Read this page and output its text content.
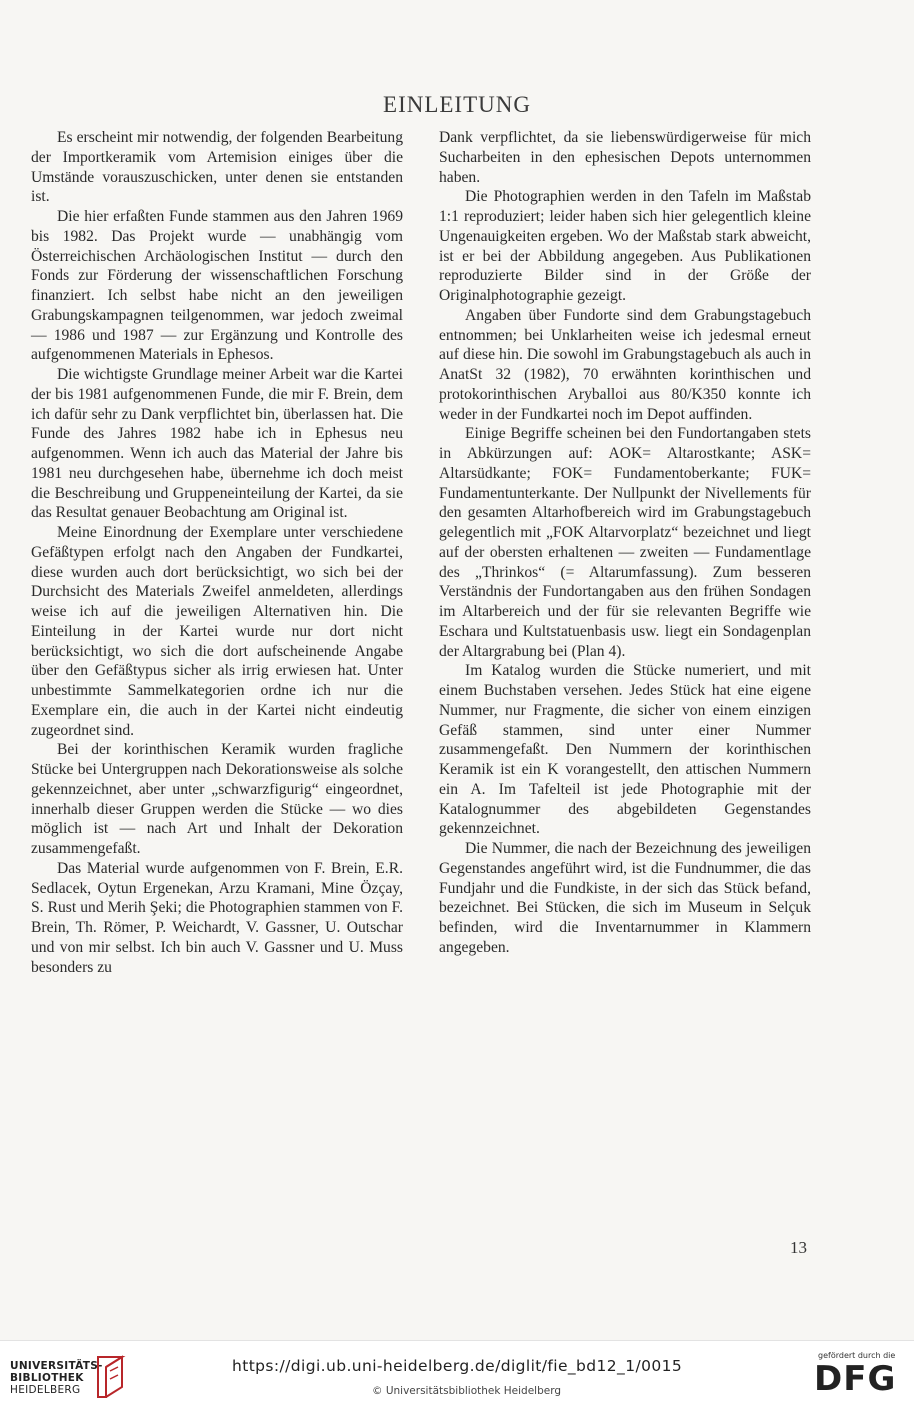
EINLEITUNG

Es erscheint mir notwendig, der folgenden Bearbeitung der Importkeramik vom Artemision einiges über die Umstände vorauszuschicken, unter denen sie entstanden ist.

Die hier erfaßten Funde stammen aus den Jahren 1969 bis 1982. Das Projekt wurde — unabhängig vom Österreichischen Archäologischen Institut — durch den Fonds zur Förderung der wissenschaftlichen Forschung finanziert. Ich selbst habe nicht an den jeweiligen Grabungskampagnen teilgenommen, war jedoch zweimal — 1986 und 1987 — zur Ergänzung und Kontrolle des aufgenommenen Materials in Ephesos.

Die wichtigste Grundlage meiner Arbeit war die Kartei der bis 1981 aufgenommenen Funde, die mir F. Brein, dem ich dafür sehr zu Dank verpflichtet bin, überlassen hat. Die Funde des Jahres 1982 habe ich in Ephesus neu aufgenommen. Wenn ich auch das Material der Jahre bis 1981 neu durchgesehen habe, übernehme ich doch meist die Beschreibung und Gruppeneinteilung der Kartei, da sie das Resultat genauer Beobachtung am Original ist.

Meine Einordnung der Exemplare unter verschiedene Gefäßtypen erfolgt nach den Angaben der Fundkartei, diese wurden auch dort berücksichtigt, wo sich bei der Durchsicht des Materials Zweifel anmeldeten, allerdings weise ich auf die jeweiligen Alternativen hin. Die Einteilung in der Kartei wurde nur dort nicht berücksichtigt, wo sich die dort aufscheinende Angabe über den Gefäßtypus sicher als irrig erwiesen hat. Unter unbestimmte Sammelkategorien ordne ich nur die Exemplare ein, die auch in der Kartei nicht eindeutig zugeordnet sind.

Bei der korinthischen Keramik wurden fragliche Stücke bei Untergruppen nach Dekorationsweise als solche gekennzeichnet, aber unter „schwarzfigurig“ eingeordnet, innerhalb dieser Gruppen werden die Stücke — wo dies möglich ist — nach Art und Inhalt der Dekoration zusammengefaßt.

Das Material wurde aufgenommen von F. Brein, E.R. Sedlacek, Oytun Ergenekan, Arzu Kramani, Mine Özçay, S. Rust und Merih Şeki; die Photographien stammen von F. Brein, Th. Römer, P. Weichardt, V. Gassner, U. Outschar und von mir selbst. Ich bin auch V. Gassner und U. Muss besonders zu

Dank verpflichtet, da sie liebenswürdigerweise für mich Sucharbeiten in den ephesischen Depots unternommen haben.

Die Photographien werden in den Tafeln im Maßstab 1:1 reproduziert; leider haben sich hier gelegentlich kleine Ungenauigkeiten ergeben. Wo der Maßstab stark abweicht, ist er bei der Abbildung angegeben. Aus Publikationen reproduzierte Bilder sind in der Größe der Originalphotographie gezeigt.

Angaben über Fundorte sind dem Grabungstagebuch entnommen; bei Unklarheiten weise ich jedesmal erneut auf diese hin. Die sowohl im Grabungstagebuch als auch in AnatSt 32 (1982), 70 erwähnten korinthischen und protokorinthischen Aryballoi aus 80/K350 konnte ich weder in der Fundkartei noch im Depot auffinden.

Einige Begriffe scheinen bei den Fundortangaben stets in Abkürzungen auf: AOK= Altarostkante; ASK= Altarsüdkante; FOK= Fundamentoberkante; FUK= Fundamentunterkante. Der Nullpunkt der Nivellements für den gesamten Altarhofbereich wird im Grabungstagebuch gelegentlich mit „FOK Altarvorplatz“ bezeichnet und liegt auf der obersten erhaltenen — zweiten — Fundamentlage des „Thrinkos“ (= Altarumfassung). Zum besseren Verständnis der Fundortangaben aus den frühen Sondagen im Altarbereich und der für sie relevanten Begriffe wie Eschara und Kultstatuenbasis usw. liegt ein Sondagenplan der Altargrabung bei (Plan 4).

Im Katalog wurden die Stücke numeriert, und mit einem Buchstaben versehen. Jedes Stück hat eine eigene Nummer, nur Fragmente, die sicher von einem einzigen Gefäß stammen, sind unter einer Nummer zusammengefaßt. Den Nummern der korinthischen Keramik ist ein K vorangestellt, den attischen Nummern ein A. Im Tafelteil ist jede Photographie mit der Katalognummer des abgebildeten Gegenstandes gekennzeichnet.

Die Nummer, die nach der Bezeichnung des jeweiligen Gegenstandes angeführt wird, ist die Fundnummer, die das Fundjahr und die Fundkiste, in der sich das Stück befand, bezeichnet. Bei Stücken, die sich im Museum in Selçuk befinden, wird die Inventarnummer in Klammern angegeben.

13
UNIVERSITÄTS-
BIBLIOTHEK
HEIDELBERG
https://digi.ub.uni-heidelberg.de/diglit/fie_bd12_1/0015
© Universitätsbibliothek Heidelberg
gefördert durch die
DFG
